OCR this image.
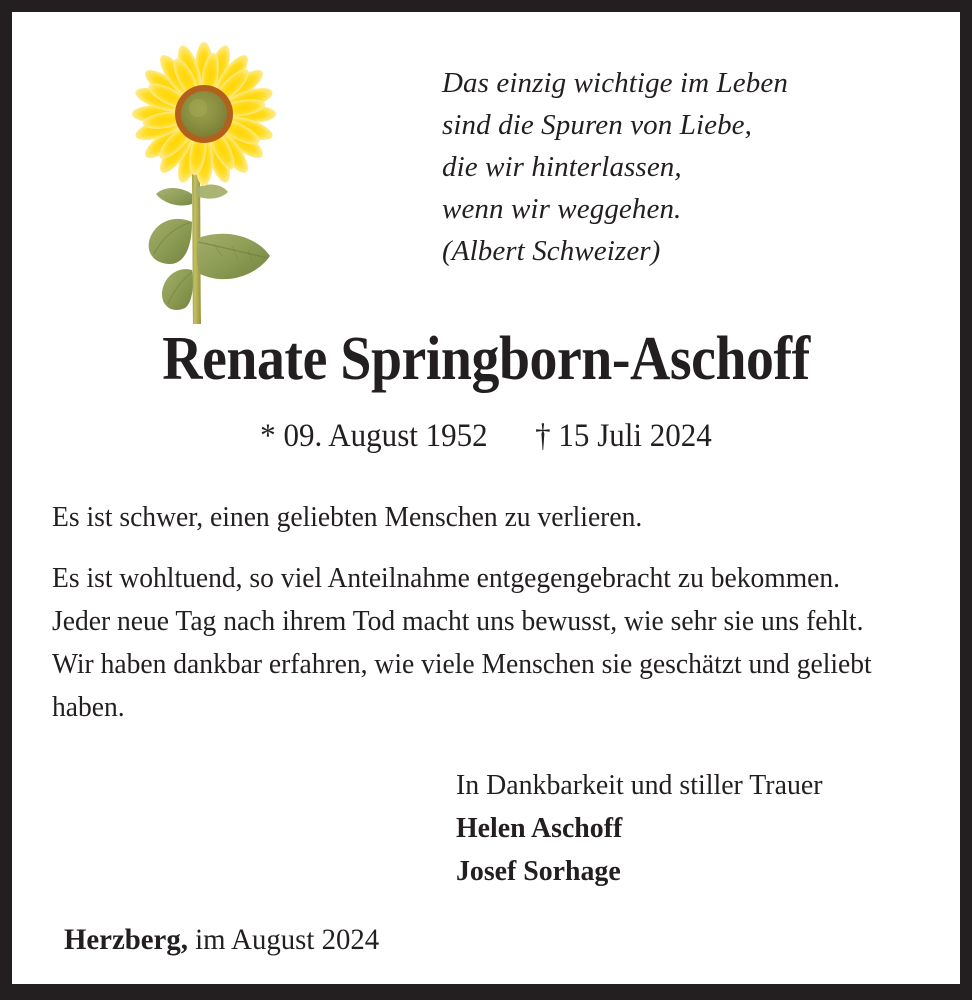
Das einzig wichtige im Leben
sind die Spuren von Liebe,
die wir hinterlassen,
wenn wir weggehen.
(Albert Schweizer)
Renate Springborn-Aschoff
* 09. August 1952 † 15 Juli 2024

Es ist schwer, einen geliebten Menschen zu verlieren.

Es ist wohltuend, so viel Anteilnahme entgegengebracht zu bekommen. Jeder neue Tag nach ihrem Tod macht uns bewusst, wie sehr sie uns fehlt. Wir haben dankbar erfahren, wie viele Menschen sie geschätzt und geliebt haben.

In Dankbarkeit und stiller Trauer
Helen Aschoff
Josef Sorhage
Herzberg, im August 2024
